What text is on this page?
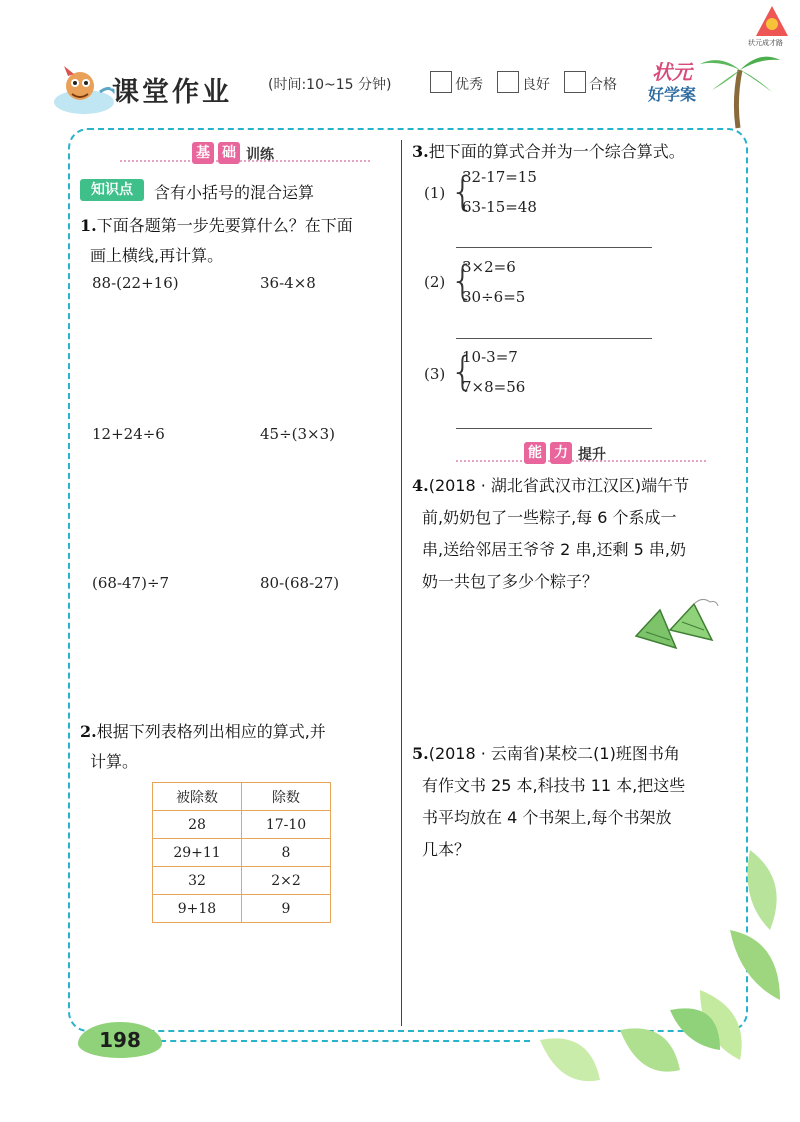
课堂作业	(时间:10~15 分钟)	优秀	良好	合格
状元
好学案
状元成才路
基 础 训练
知识点	含有小括号的混合运算
1.下面各题第一步先要算什么？在下面
画上横线,再计算。
88-(22+16)	36-4×8
12+24÷6	45÷(3×3)
(68-47)÷7	80-(68-27)
2.根据下列表格列出相应的算式,并
计算。
被除数	除数
28	17-10
29+11	8
32	2×2
9+18	9
3.把下面的算式合并为一个综合算式。
(1) {
32-17=15
63-15=48
(2) {
3×2=6
30÷6=5
(3) {
10-3=7
7×8=56
能 力 提升
4.(2018 · 湖北省武汉市江汉区)端午节
前,奶奶包了一些粽子,每 6 个系成一
串,送给邻居王爷爷 2 串,还剩 5 串,奶
奶一共包了多少个粽子？
5.(2018 · 云南省)某校二(1)班图书角
有作文书 25 本,科技书 11 本,把这些
书平均放在 4 个书架上,每个书架放
几本？
198
